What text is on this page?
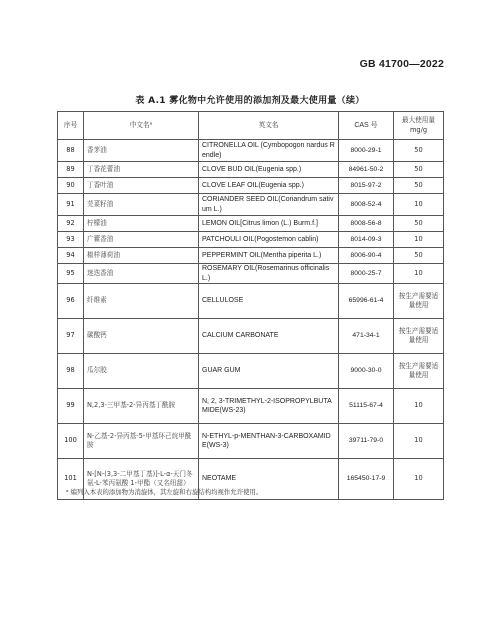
GB 41700—2022
表 A.1 雾化物中允许使用的添加剂及最大使用量（续）
序号	中文名ᵃ	英文名	CAS 号	最大使用量
mg/g

88	香茅油	CITRONELLA OIL (Cymbopogon nardus Rendle)	8000-29-1	50
89	丁香花蕾油	CLOVE BUD OIL(Eugenia spp.)	84961-50-2	50
90	丁香叶油	CLOVE LEAF OIL(Eugenia spp.)	8015-97-2	50
91	芫荽籽油	CORIANDER SEED OIL(Coriandrum sativum L.)	8008-52-4	10
92	柠檬油	LEMON OIL[Citrus limon (L.) Burm.f.]	8008-56-8	50
93	广藿香油	PATCHOULI OIL(Pogostemon cablin)	8014-09-3	10
94	椒样薄荷油	PEPPERMINT OIL(Mentha piperita L.)	8006-90-4	50
95	迷迭香油	ROSEMARY OIL(Rosemarinus officinalis L.)	8000-25-7	10
96	纤维素	CELLULOSE	65996-61-4	按生产需要适量使用
97	碳酸钙	CALCIUM CARBONATE	471-34-1	按生产需要适量使用
98	瓜尔胶	GUAR GUM	9000-30-0	按生产需要适量使用
99	N,2,3-三甲基-2-异丙基丁酰胺	N, 2, 3-TRIMETHYL-2-ISOPROPYLBUTAMIDE(WS-23)	51115-67-4	10
100	N-乙基-2-异丙基-5-甲基环己烷甲酰胺	N-ETHYL-p-MENTHAN-3-CARBOXAMIDE(WS-3)	39711-79-0	10
101	N-[N-(3,3-二甲基丁基)]-L-α-天门冬氨-L-苯丙氨酸 1-甲酯（又名纽甜）	NEOTAME	165450-17-9	10
ᵃ 编列入本表的添加物为消旋体，其左旋和右旋结构均视作允许使用。
